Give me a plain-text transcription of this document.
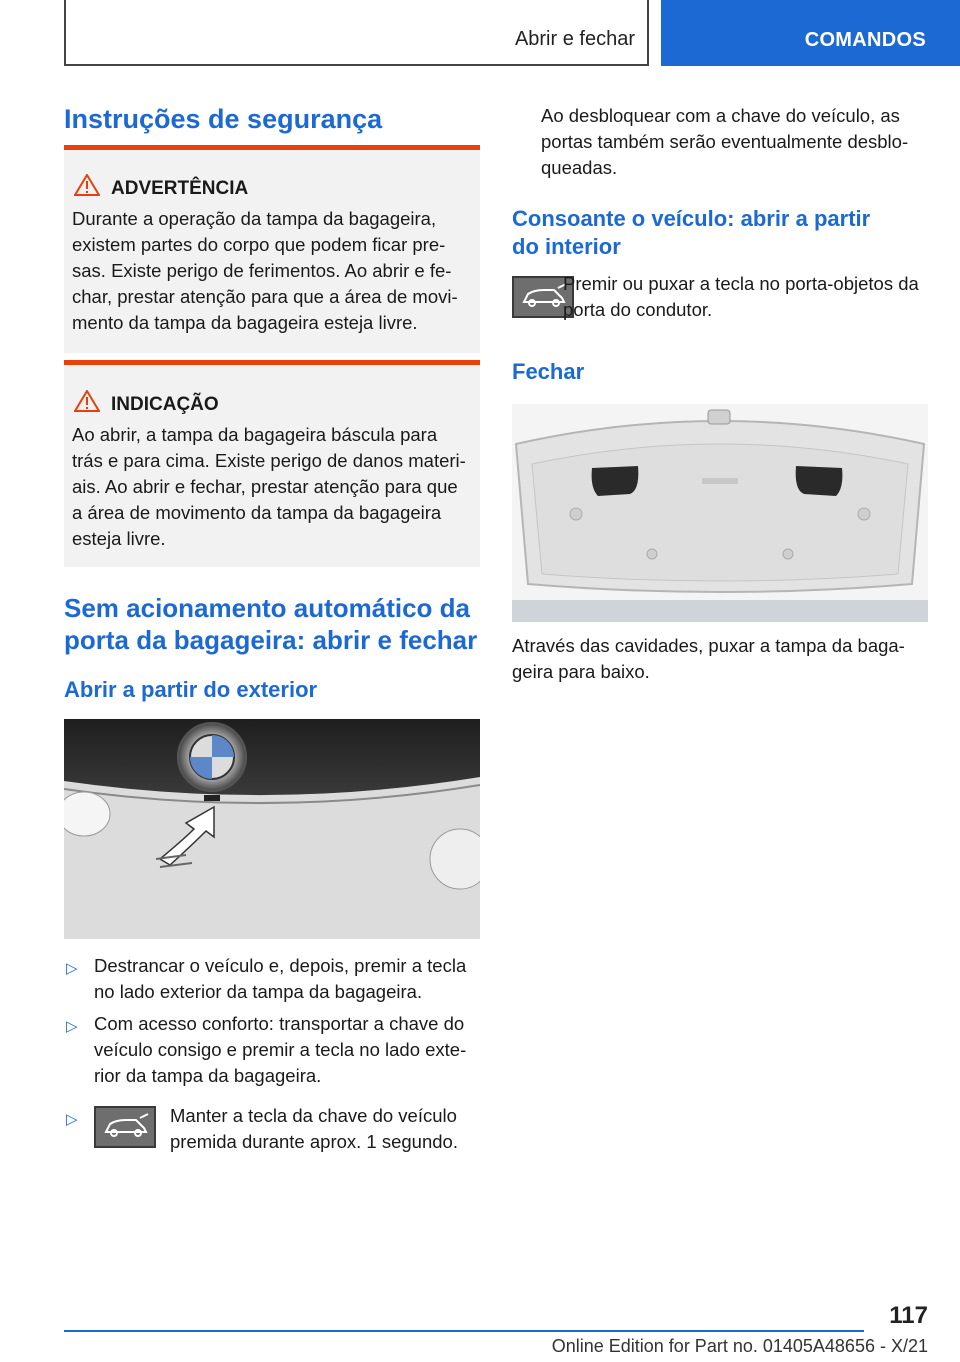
Abrir e fechar	COMANDOS
Instruções de segurança
ADVERTÊNCIA
Durante a operação da tampa da bagageira,
existem partes do corpo que podem ficar pre-
sas. Existe perigo de ferimentos. Ao abrir e fe-
char, prestar atenção para que a área de movi-
mento da tampa da bagageira esteja livre.
INDICAÇÃO
Ao abrir, a tampa da bagageira báscula para
trás e para cima. Existe perigo de danos materi-
ais. Ao abrir e fechar, prestar atenção para que
a área de movimento da tampa da bagageira
esteja livre.
Sem acionamento automático da
porta da bagageira: abrir e fechar
Abrir a partir do exterior
▷ Destrancar o veículo e, depois, premir a tecla
no lado exterior da tampa da bagageira.
▷ Com acesso conforto: transportar a chave do
veículo consigo e premir a tecla no lado exte-
rior da tampa da bagageira.
▷	Manter a tecla da chave do veículo
premida durante aprox. 1 segundo.
Ao desbloquear com a chave do veículo, as
portas também serão eventualmente desblo-
queadas.
Consoante o veículo: abrir a partir
do interior
Premir ou puxar a tecla no porta-objetos da
porta do condutor.
Fechar
Através das cavidades, puxar a tampa da baga-
geira para baixo.
117
Online Edition for Part no. 01405A48656 - X/21
